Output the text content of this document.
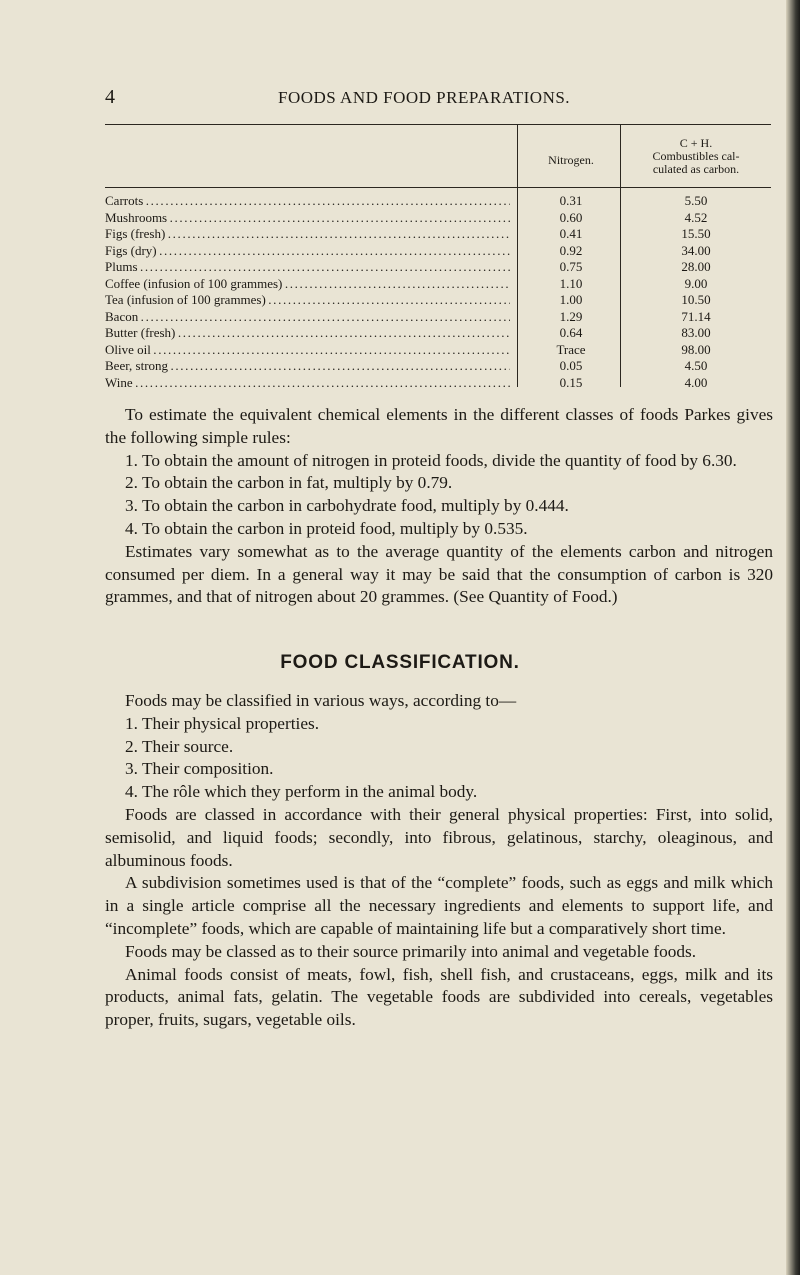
4	FOODS AND FOOD PREPARATIONS.
Nitrogen.
C + H.
Combustibles cal-
culated as carbon.
Carrots . . .	0.31	5.50
Mushrooms . . .	0.60	4.52
Figs (fresh) . . .	0.41	15.50
Figs (dry) . . .	0.92	34.00
Plums . . .	0.75	28.00
Coffee (infusion of 100 grammes) . . .	1.10	9.00
Tea (infusion of 100 grammes) . . .	1.00	10.50
Bacon . . .	1.29	71.14
Butter (fresh) . . .	0.64	83.00
Olive oil . . .	Trace	98.00
Beer, strong . . .	0.05	4.50
Wine . . .	0.15	4.00

To estimate the equivalent chemical elements in the different classes of foods Parkes gives the following simple rules:

1. To obtain the amount of nitrogen in proteid foods, divide the quantity of food by 6.30.

2. To obtain the carbon in fat, multiply by 0.79.

3. To obtain the carbon in carbohydrate food, multiply by 0.444.

4. To obtain the carbon in proteid food, multiply by 0.535.

Estimates vary somewhat as to the average quantity of the elements carbon and nitrogen consumed per diem. In a general way it may be said that the consumption of carbon is 320 grammes, and that of nitrogen about 20 grammes. (See Quantity of Food.)

FOOD CLASSIFICATION.

Foods may be classified in various ways, according to—

1. Their physical properties.

2. Their source.

3. Their composition.

4. The rôle which they perform in the animal body.

Foods are classed in accordance with their general physical properties: First, into solid, semisolid, and liquid foods; secondly, into fibrous, gelatinous, starchy, oleaginous, and albuminous foods.

A subdivision sometimes used is that of the “complete” foods, such as eggs and milk which in a single article comprise all the necessary ingredients and elements to support life, and “incomplete” foods, which are capable of maintaining life but a comparatively short time.

Foods may be classed as to their source primarily into animal and vegetable foods.

Animal foods consist of meats, fowl, fish, shell fish, and crustaceans, eggs, milk and its products, animal fats, gelatin. The vegetable foods are subdivided into cereals, vegetables proper, fruits, sugars, vegetable oils.
